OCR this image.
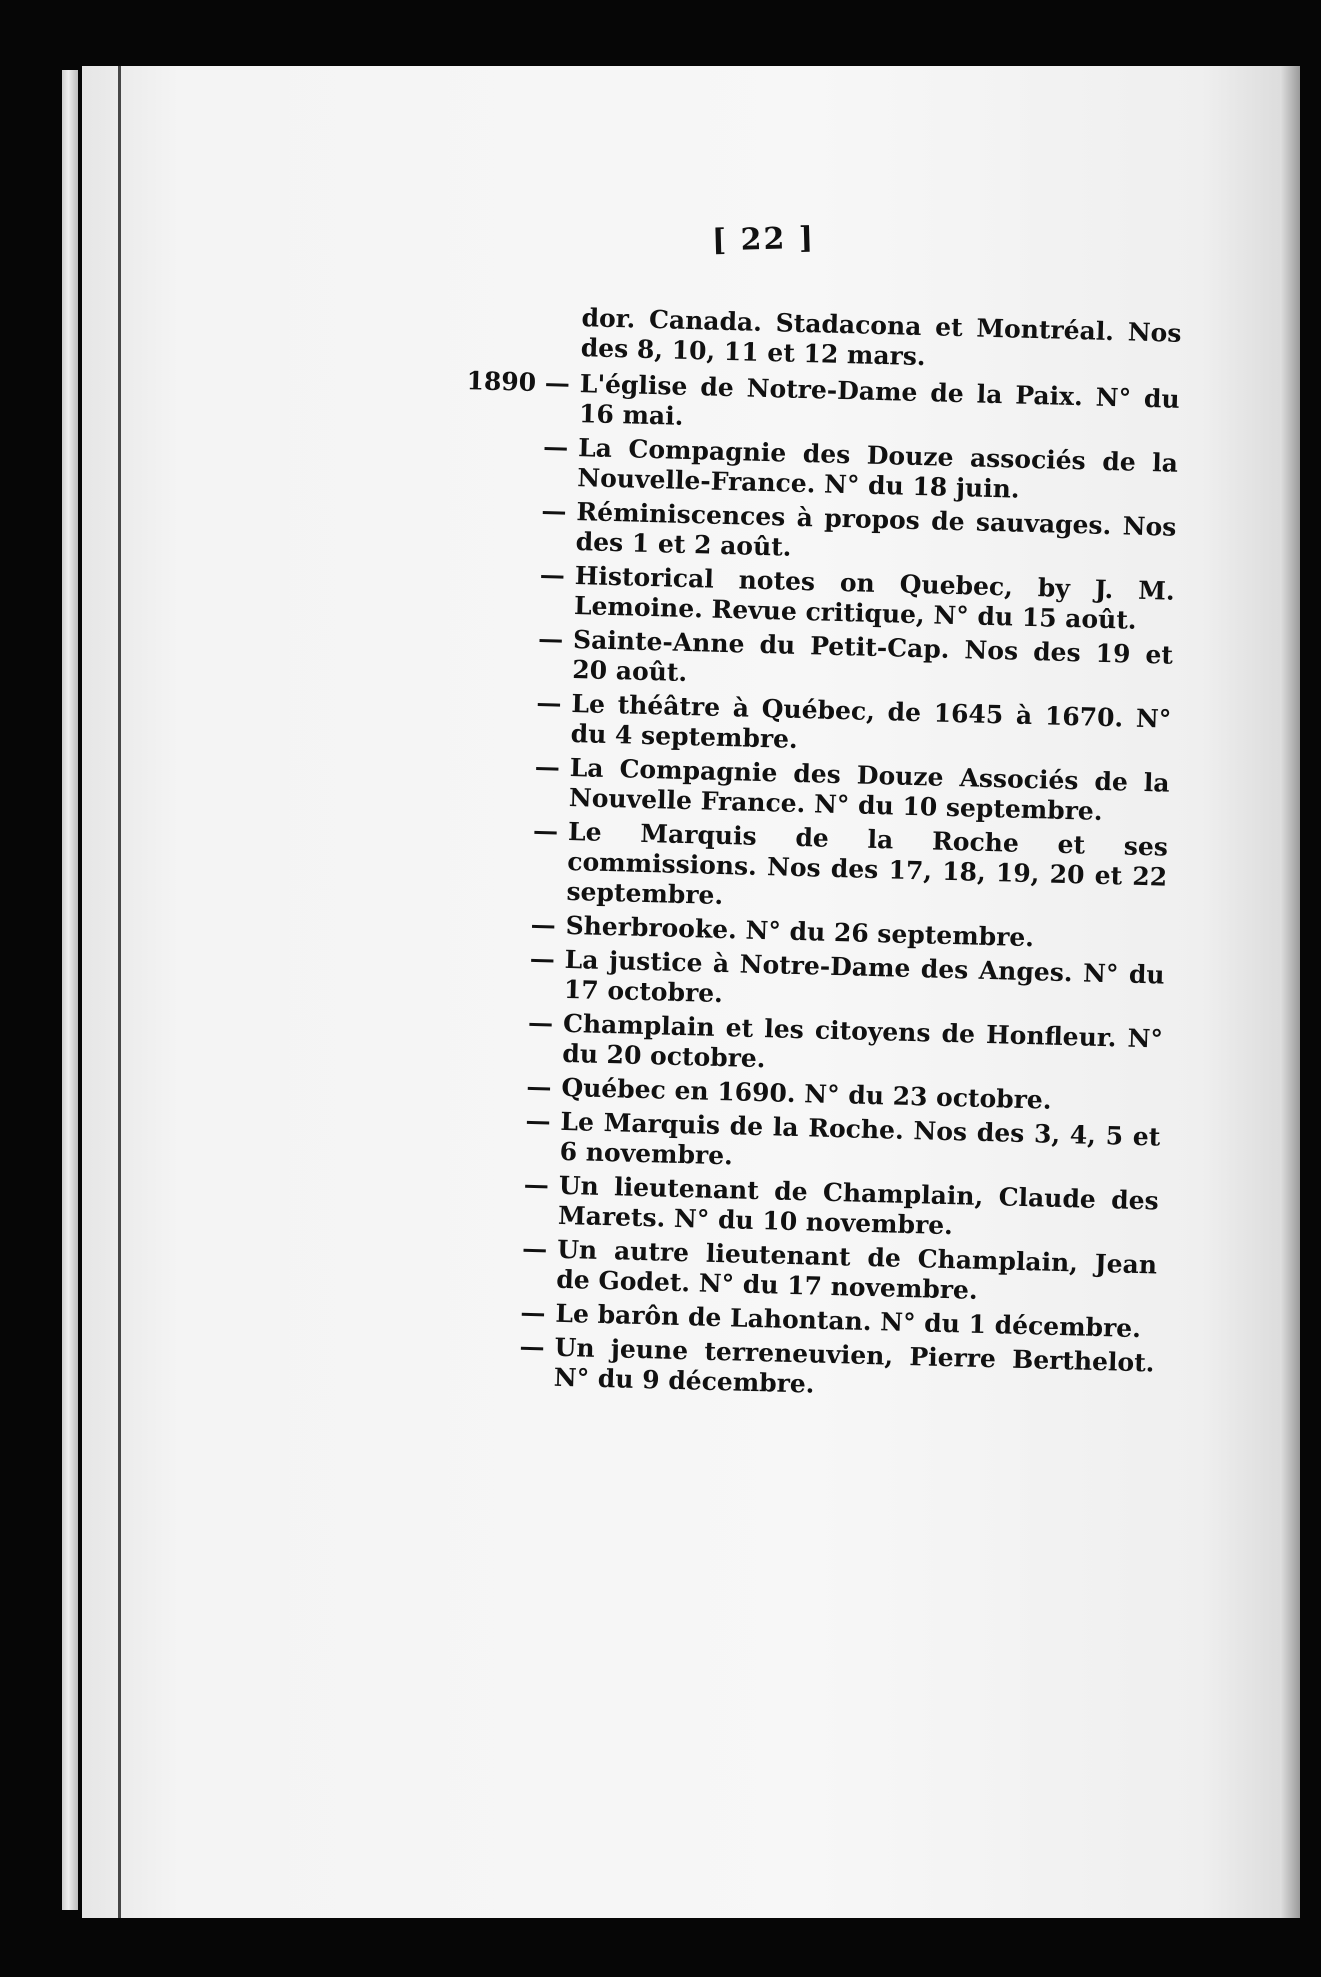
[ 22 ]
dor. Canada. Stadacona et Montréal. Nos des 8, 10, 11 et 12 mars.
1890 — L'église de Notre-Dame de la Paix. N° du 16 mai.
— La Compagnie des Douze associés de la Nouvelle-France. N° du 18 juin.
— Réminiscences à propos de sauvages. Nos des 1 et 2 août.
— Historical notes on Quebec, by J. M. Lemoine. Revue critique, N° du 15 août.
— Sainte-Anne du Petit-Cap. Nos des 19 et 20 août.
— Le théâtre à Québec, de 1645 à 1670. N° du 4 septembre.
— La Compagnie des Douze Associés de la Nouvelle France. N° du 10 septembre.
— Le Marquis de la Roche et ses commissions. Nos des 17, 18, 19, 20 et 22 septembre.
— Sherbrooke. N° du 26 septembre.
— La justice à Notre-Dame des Anges. N° du 17 octobre.
— Champlain et les citoyens de Honfleur. N° du 20 octobre.
— Québec en 1690. N° du 23 octobre.
— Le Marquis de la Roche. Nos des 3, 4, 5 et 6 novembre.
— Un lieutenant de Champlain, Claude des Marets. N° du 10 novembre.
— Un autre lieutenant de Champlain, Jean de Godet. N° du 17 novembre.
— Le barôn de Lahontan. N° du 1 décembre.
— Un jeune terreneuvien, Pierre Berthelot. N° du 9 décembre.
